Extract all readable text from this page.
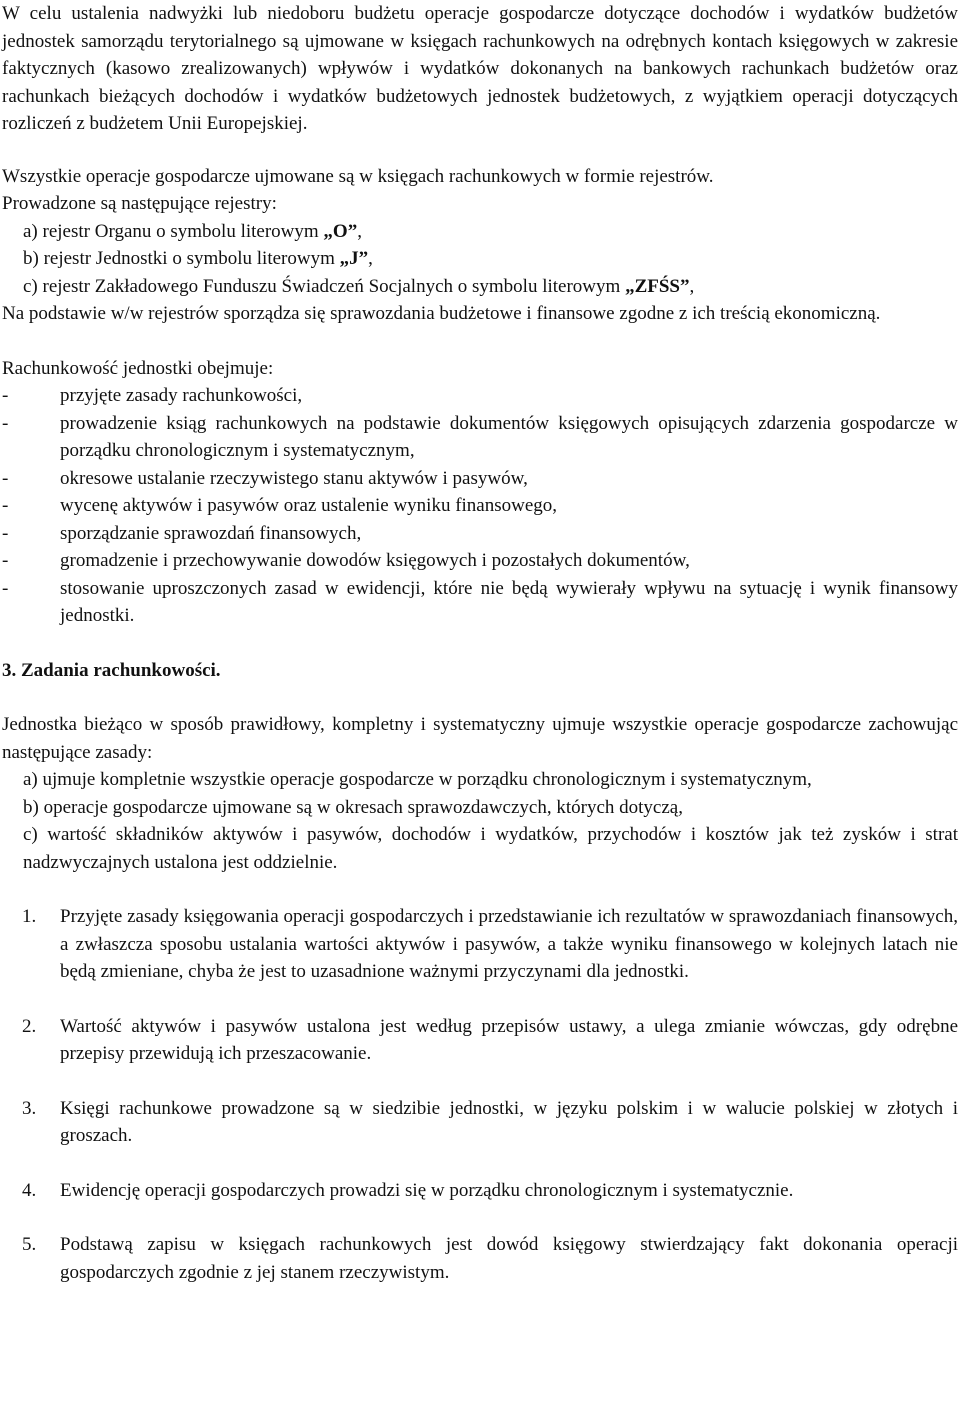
W celu ustalenia nadwyżki lub niedoboru budżetu operacje gospodarcze dotyczące dochodów i wydatków budżetów jednostek samorządu terytorialnego są ujmowane w księgach rachunkowych na odrębnych kontach księgowych w zakresie faktycznych (kasowo zrealizowanych) wpływów i wydatków dokonanych na bankowych rachunkach budżetów oraz rachunkach bieżących dochodów i wydatków budżetowych jednostek budżetowych, z wyjątkiem operacji dotyczących rozliczeń z budżetem Unii Europejskiej.

Wszystkie operacje gospodarcze ujmowane są w księgach rachunkowych w formie rejestrów.

Prowadzone są następujące rejestry:

a) rejestr Organu o symbolu literowym „O”,
b) rejestr Jednostki o symbolu literowym „J”,
c) rejestr Zakładowego Funduszu Świadczeń Socjalnych o symbolu literowym „ZFŚS”,

Na podstawie w/w rejestrów sporządza się sprawozdania budżetowe i finansowe zgodne z ich treścią ekonomiczną.

Rachunkowość jednostki obejmuje:

-	przyjęte zasady rachunkowości,
-	prowadzenie ksiąg rachunkowych na podstawie dokumentów księgowych opisujących zdarzenia gospodarcze w porządku chronologicznym i systematycznym,
-	okresowe ustalanie rzeczywistego stanu aktywów i pasywów,
-	wycenę aktywów i pasywów oraz ustalenie wyniku finansowego,
-	sporządzanie sprawozdań finansowych,
-	gromadzenie i przechowywanie dowodów księgowych i pozostałych dokumentów,
-	stosowanie uproszczonych zasad w ewidencji, które nie będą wywierały wpływu na sytuację i wynik finansowy jednostki.

3. Zadania rachunkowości.

Jednostka bieżąco w sposób prawidłowy, kompletny i systematyczny ujmuje wszystkie operacje gospodarcze zachowując następujące zasady:

a) ujmuje kompletnie wszystkie operacje gospodarcze w porządku chronologicznym i systematycznym,
b) operacje gospodarcze ujmowane są w okresach sprawozdawczych, których dotyczą,
c) wartość składników aktywów i pasywów, dochodów i wydatków, przychodów i kosztów jak też zysków i strat nadzwyczajnych ustalona jest oddzielnie.
1.	Przyjęte zasady księgowania operacji gospodarczych i przedstawianie ich rezultatów w sprawozdaniach finansowych, a zwłaszcza sposobu ustalania wartości aktywów i pasywów, a także wyniku finansowego w kolejnych latach nie będą zmieniane, chyba że jest to uzasadnione ważnymi przyczynami dla jednostki.
2.	Wartość aktywów i pasywów ustalona jest według przepisów ustawy, a ulega zmianie wówczas, gdy odrębne przepisy przewidują ich przeszacowanie.
3.	Księgi rachunkowe prowadzone są w siedzibie jednostki, w języku polskim i w walucie polskiej w złotych i groszach.
4.	Ewidencję operacji gospodarczych prowadzi się w porządku chronologicznym i systematycznie.
5.	Podstawą zapisu w księgach rachunkowych jest dowód księgowy stwierdzający fakt dokonania operacji gospodarczych zgodnie z jej stanem rzeczywistym.
